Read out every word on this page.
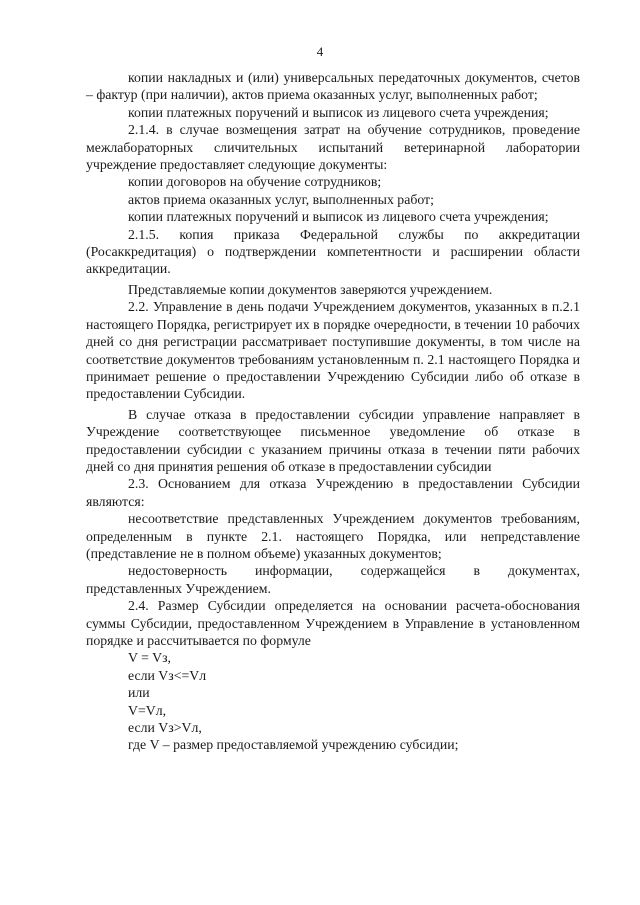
4

копии накладных и (или) универсальных передаточных документов, счетов – фактур (при наличии), актов приема оказанных услуг, выполненных работ;

копии платежных поручений и выписок из лицевого счета учреждения;

2.1.4. в случае возмещения затрат на обучение сотрудников, проведение межлабораторных сличительных испытаний ветеринарной лаборатории учреждение предоставляет следующие документы:

копии договоров на обучение сотрудников;

актов приема оказанных услуг, выполненных работ;

копии платежных поручений и выписок из лицевого счета учреждения;

2.1.5. копия приказа Федеральной службы по аккредитации (Росаккредитация) о подтверждении компетентности и расширении области аккредитации.

Представляемые копии документов заверяются учреждением.

2.2. Управление в день подачи Учреждением документов, указанных в п.2.1 настоящего Порядка, регистрирует их в порядке очередности, в течении 10 рабочих дней со дня регистрации рассматривает поступившие документы, в том числе на соответствие документов требованиям установленным п. 2.1 настоящего Порядка и принимает решение о предоставлении Учреждению Субсидии либо об отказе в предоставлении Субсидии.

В случае отказа в предоставлении субсидии управление направляет в Учреждение соответствующее письменное уведомление об отказе в предоставлении субсидии с указанием причины отказа в течении пяти рабочих дней со дня принятия решения об отказе в предоставлении субсидии

2.3. Основанием для отказа Учреждению в предоставлении Субсидии являются:

несоответствие представленных Учреждением документов требованиям, определенным в пункте 2.1. настоящего Порядка, или непредставление (представление не в полном объеме) указанных документов;

недостоверность информации, содержащейся в документах, представленных Учреждением.

2.4. Размер Субсидии определяется на основании расчета-обоснования суммы Субсидии, предоставленном Учреждением в Управление в установленном порядке и рассчитывается по формуле

V = Vз,

если Vз<=Vл

или

V=Vл,

если Vз>Vл,

где V – размер предоставляемой учреждению субсидии;
